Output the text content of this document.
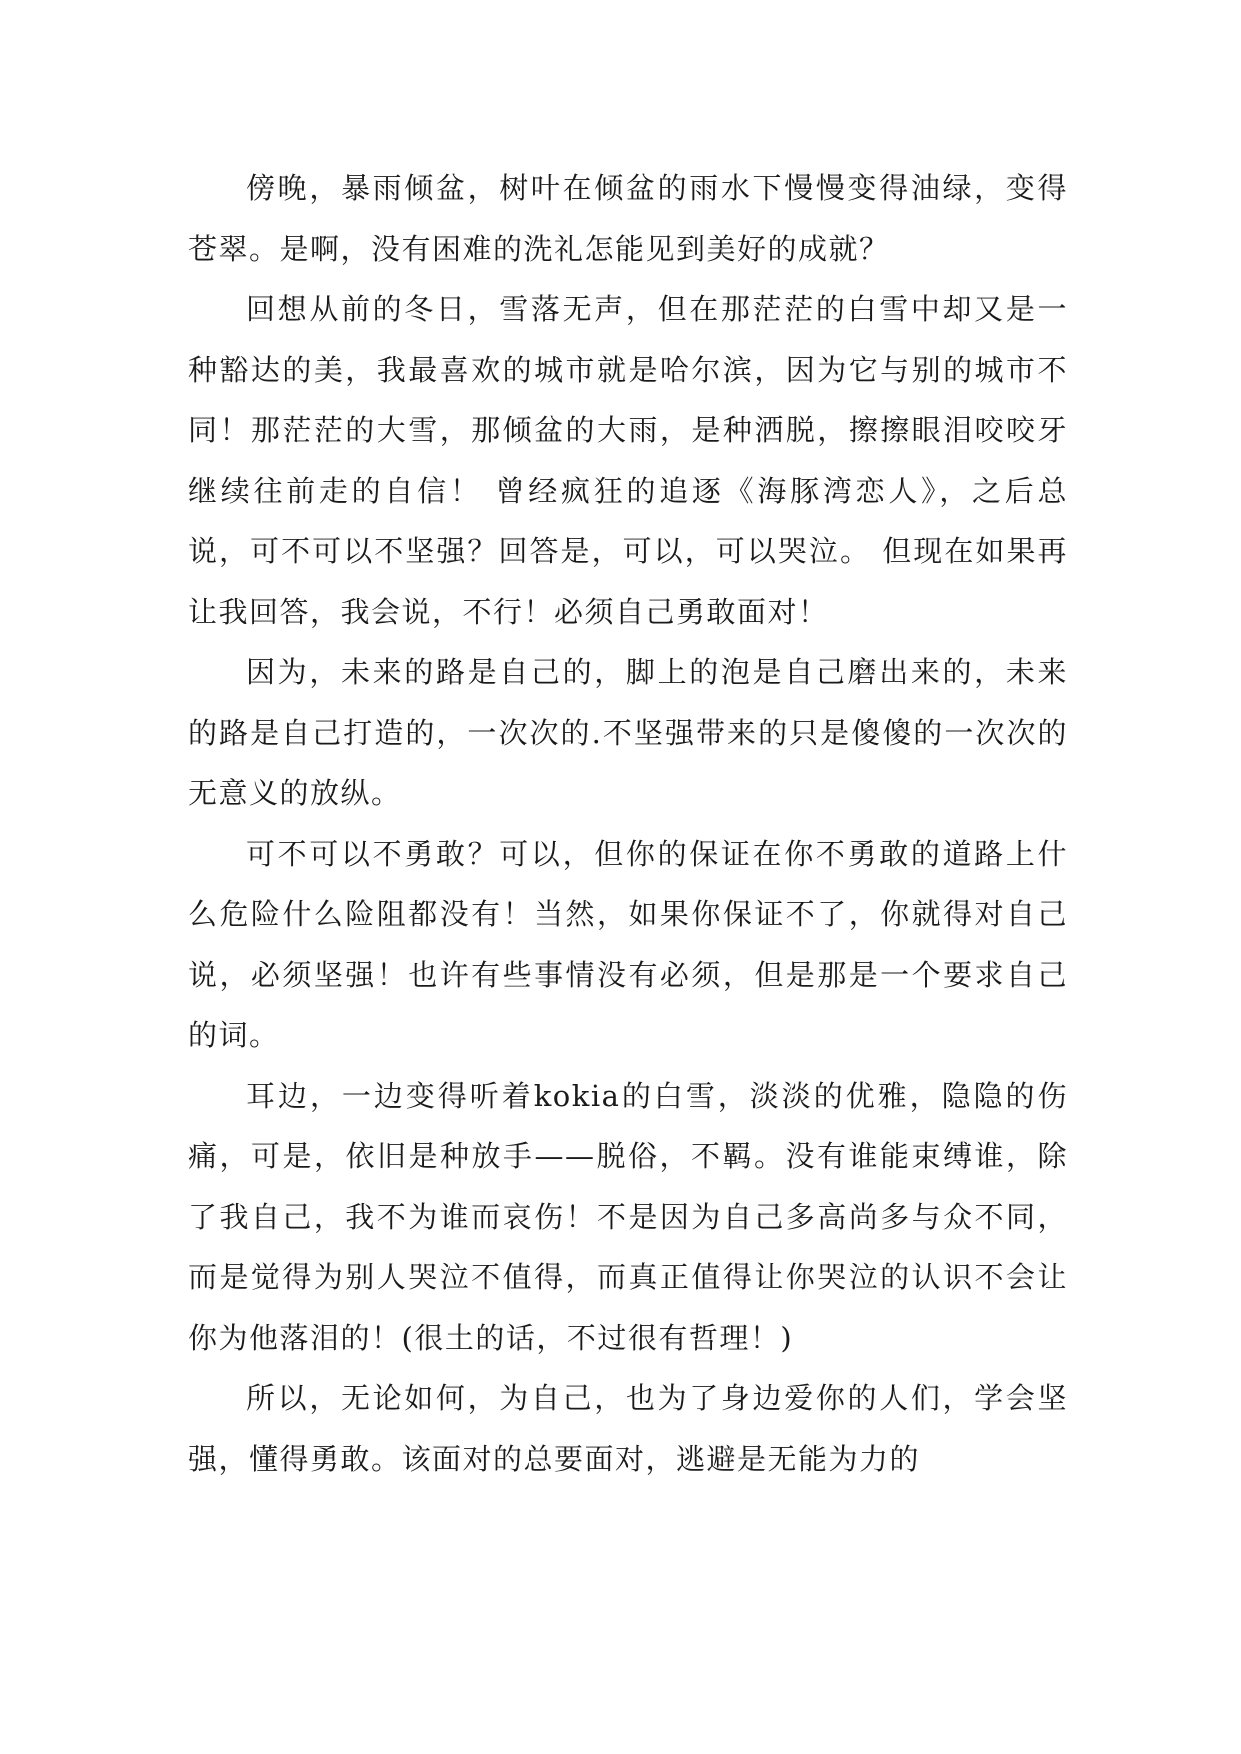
傍晚，暴雨倾盆，树叶在倾盆的雨水下慢慢变得油绿，变得苍翠。是啊，没有困难的洗礼怎能见到美好的成就？

回想从前的冬日，雪落无声，但在那茫茫的白雪中却又是一种豁达的美，我最喜欢的城市就是哈尔滨，因为它与别的城市不同！那茫茫的大雪，那倾盆的大雨，是种洒脱，擦擦眼泪咬咬牙继续往前走的自信！ 曾经疯狂的追逐《海豚湾恋人》，之后总说，可不可以不坚强？回答是，可以，可以哭泣。 但现在如果再让我回答，我会说，不行！必须自己勇敢面对！

因为，未来的路是自己的，脚上的泡是自己磨出来的，未来的路是自己打造的，一次次的.不坚强带来的只是傻傻的一次次的无意义的放纵。

可不可以不勇敢？可以，但你的保证在你不勇敢的道路上什么危险什么险阻都没有！当然，如果你保证不了，你就得对自己说，必须坚强！也许有些事情没有必须，但是那是一个要求自己的词。

耳边，一边变得听着kokia的白雪，淡淡的优雅，隐隐的伤痛，可是，依旧是种放手——脱俗，不羁。没有谁能束缚谁，除了我自己，我不为谁而哀伤！不是因为自己多高尚多与众不同，而是觉得为别人哭泣不值得，而真正值得让你哭泣的认识不会让你为他落泪的！(很土的话，不过很有哲理！)

所以，无论如何，为自己，也为了身边爱你的人们，学会坚强，懂得勇敢。该面对的总要面对，逃避是无能为力的
